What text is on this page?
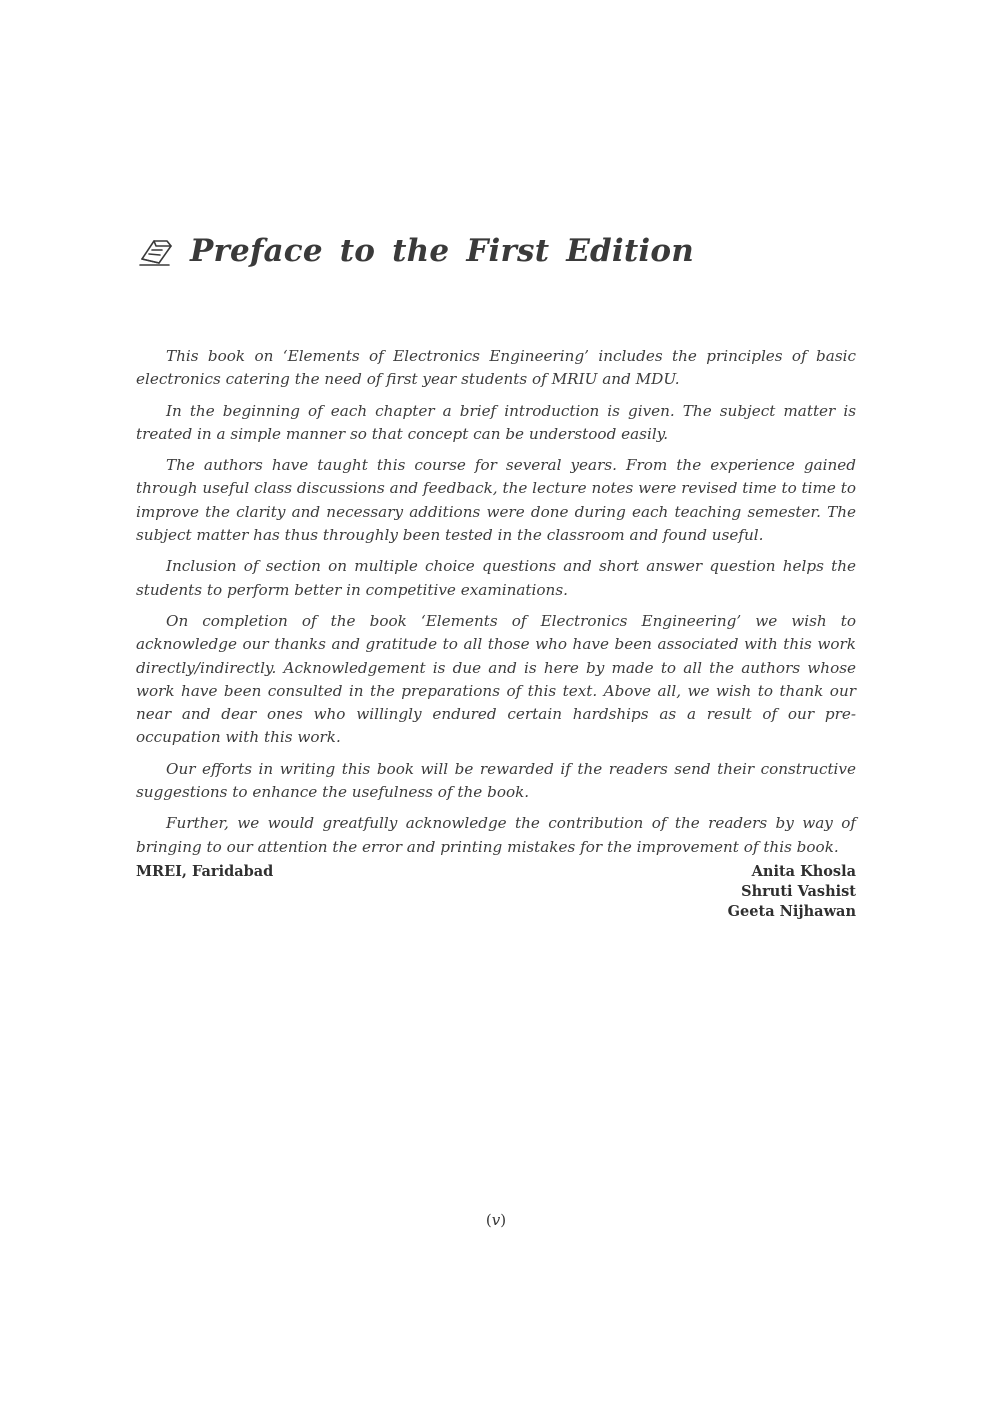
Preface to the First Edition

This book on ‘Elements of Electronics Engineering’ includes the principles of basic electronics catering the need of first year students of MRIU and MDU.

In the beginning of each chapter a brief introduction is given. The subject matter is treated in a simple manner so that concept can be understood easily.

The authors have taught this course for several years. From the experience gained through useful class discussions and feedback, the lecture notes were revised time to time to improve the clarity and necessary additions were done during each teaching semester. The subject matter has thus throughly been tested in the classroom and found useful.

Inclusion of section on multiple choice questions and short answer question helps the students to perform better in competitive examinations.

On completion of the book ‘Elements of Electronics Engineering’ we wish to acknowledge our thanks and gratitude to all those who have been associated with this work directly/indirectly. Acknowledgement is due and is here by made to all the authors whose work have been consulted in the preparations of this text. Above all, we wish to thank our near and dear ones who willingly endured certain hardships as a result of our pre-occupation with this work.

Our efforts in writing this book will be rewarded if the readers send their constructive suggestions to enhance the usefulness of the book.

Further, we would greatfully acknowledge the contribution of the readers by way of bringing to our attention the error and printing mistakes for the improvement of this book.

MREI, Faridabad	Anita Khosla
Shruti Vashist
Geeta Nijhawan
(v)
